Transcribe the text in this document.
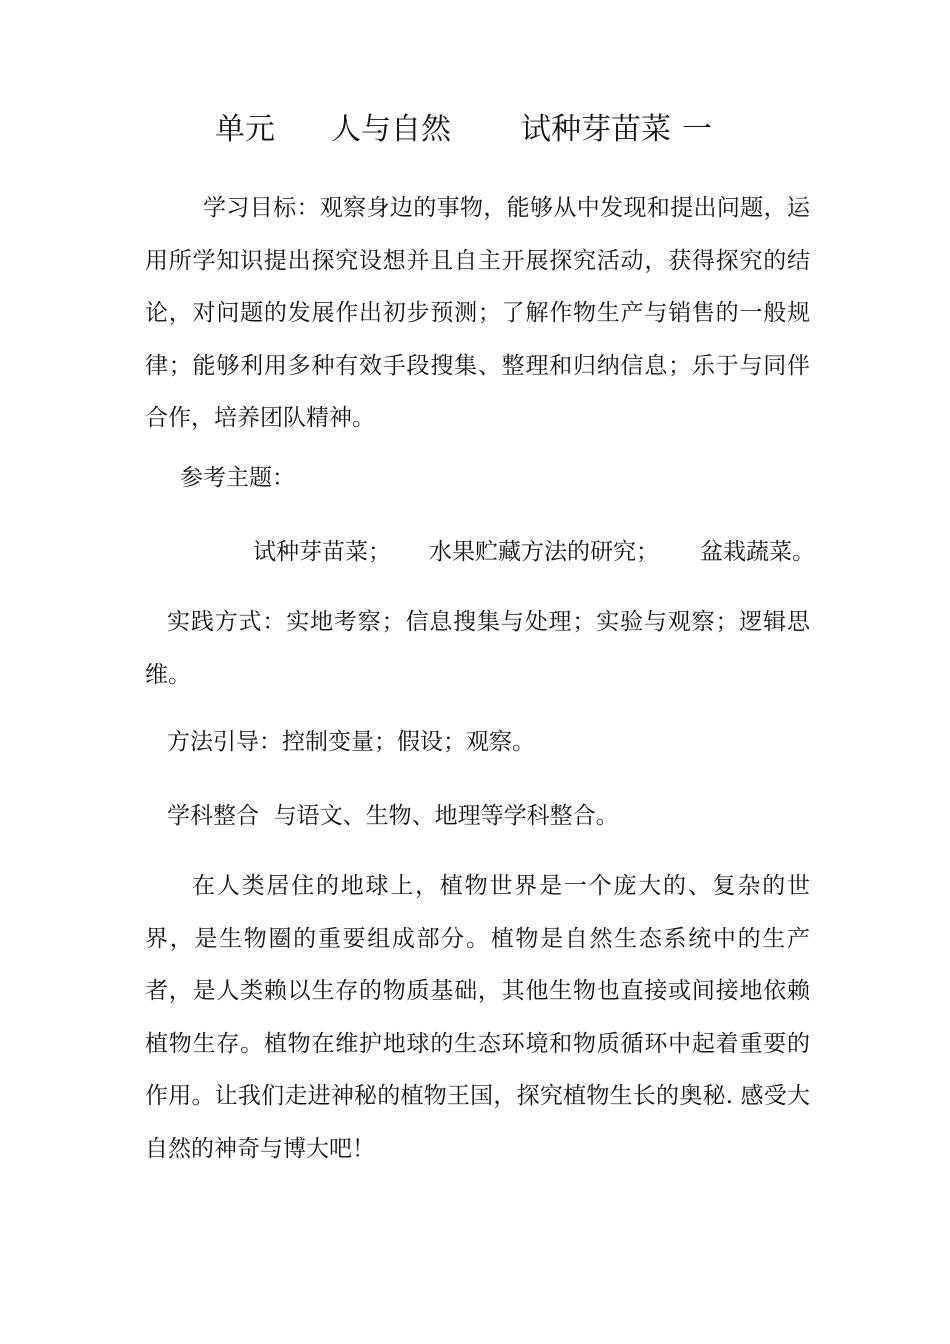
单元 人与自然 试种芽苗菜 一

学习目标：观察身边的事物，能够从中发现和提出问题，运用所学知识提出探究设想并且自主开展探究活动，获得探究的结论，对问题的发展作出初步预测；了解作物生产与销售的一般规律；能够利用多种有效手段搜集、整理和归纳信息；乐于与同伴合作，培养团队精神。

参考主题：

试种芽苗菜； 水果贮藏方法的研究； 盆栽蔬菜。

实践方式：实地考察；信息搜集与处理；实验与观察；逻辑思维。

方法引导：控制变量；假设；观察。

学科整合  与语文、生物、地理等学科整合。

在人类居住的地球上，植物世界是一个庞大的、复杂的世界，是生物圈的重要组成部分。植物是自然生态系统中的生产者，是人类赖以生存的物质基础，其他生物也直接或间接地依赖植物生存。植物在维护地球的生态环境和物质循环中起着重要的作用。让我们走进神秘的植物王国，探究植物生长的奥秘. 感受大自然的神奇与博大吧！
